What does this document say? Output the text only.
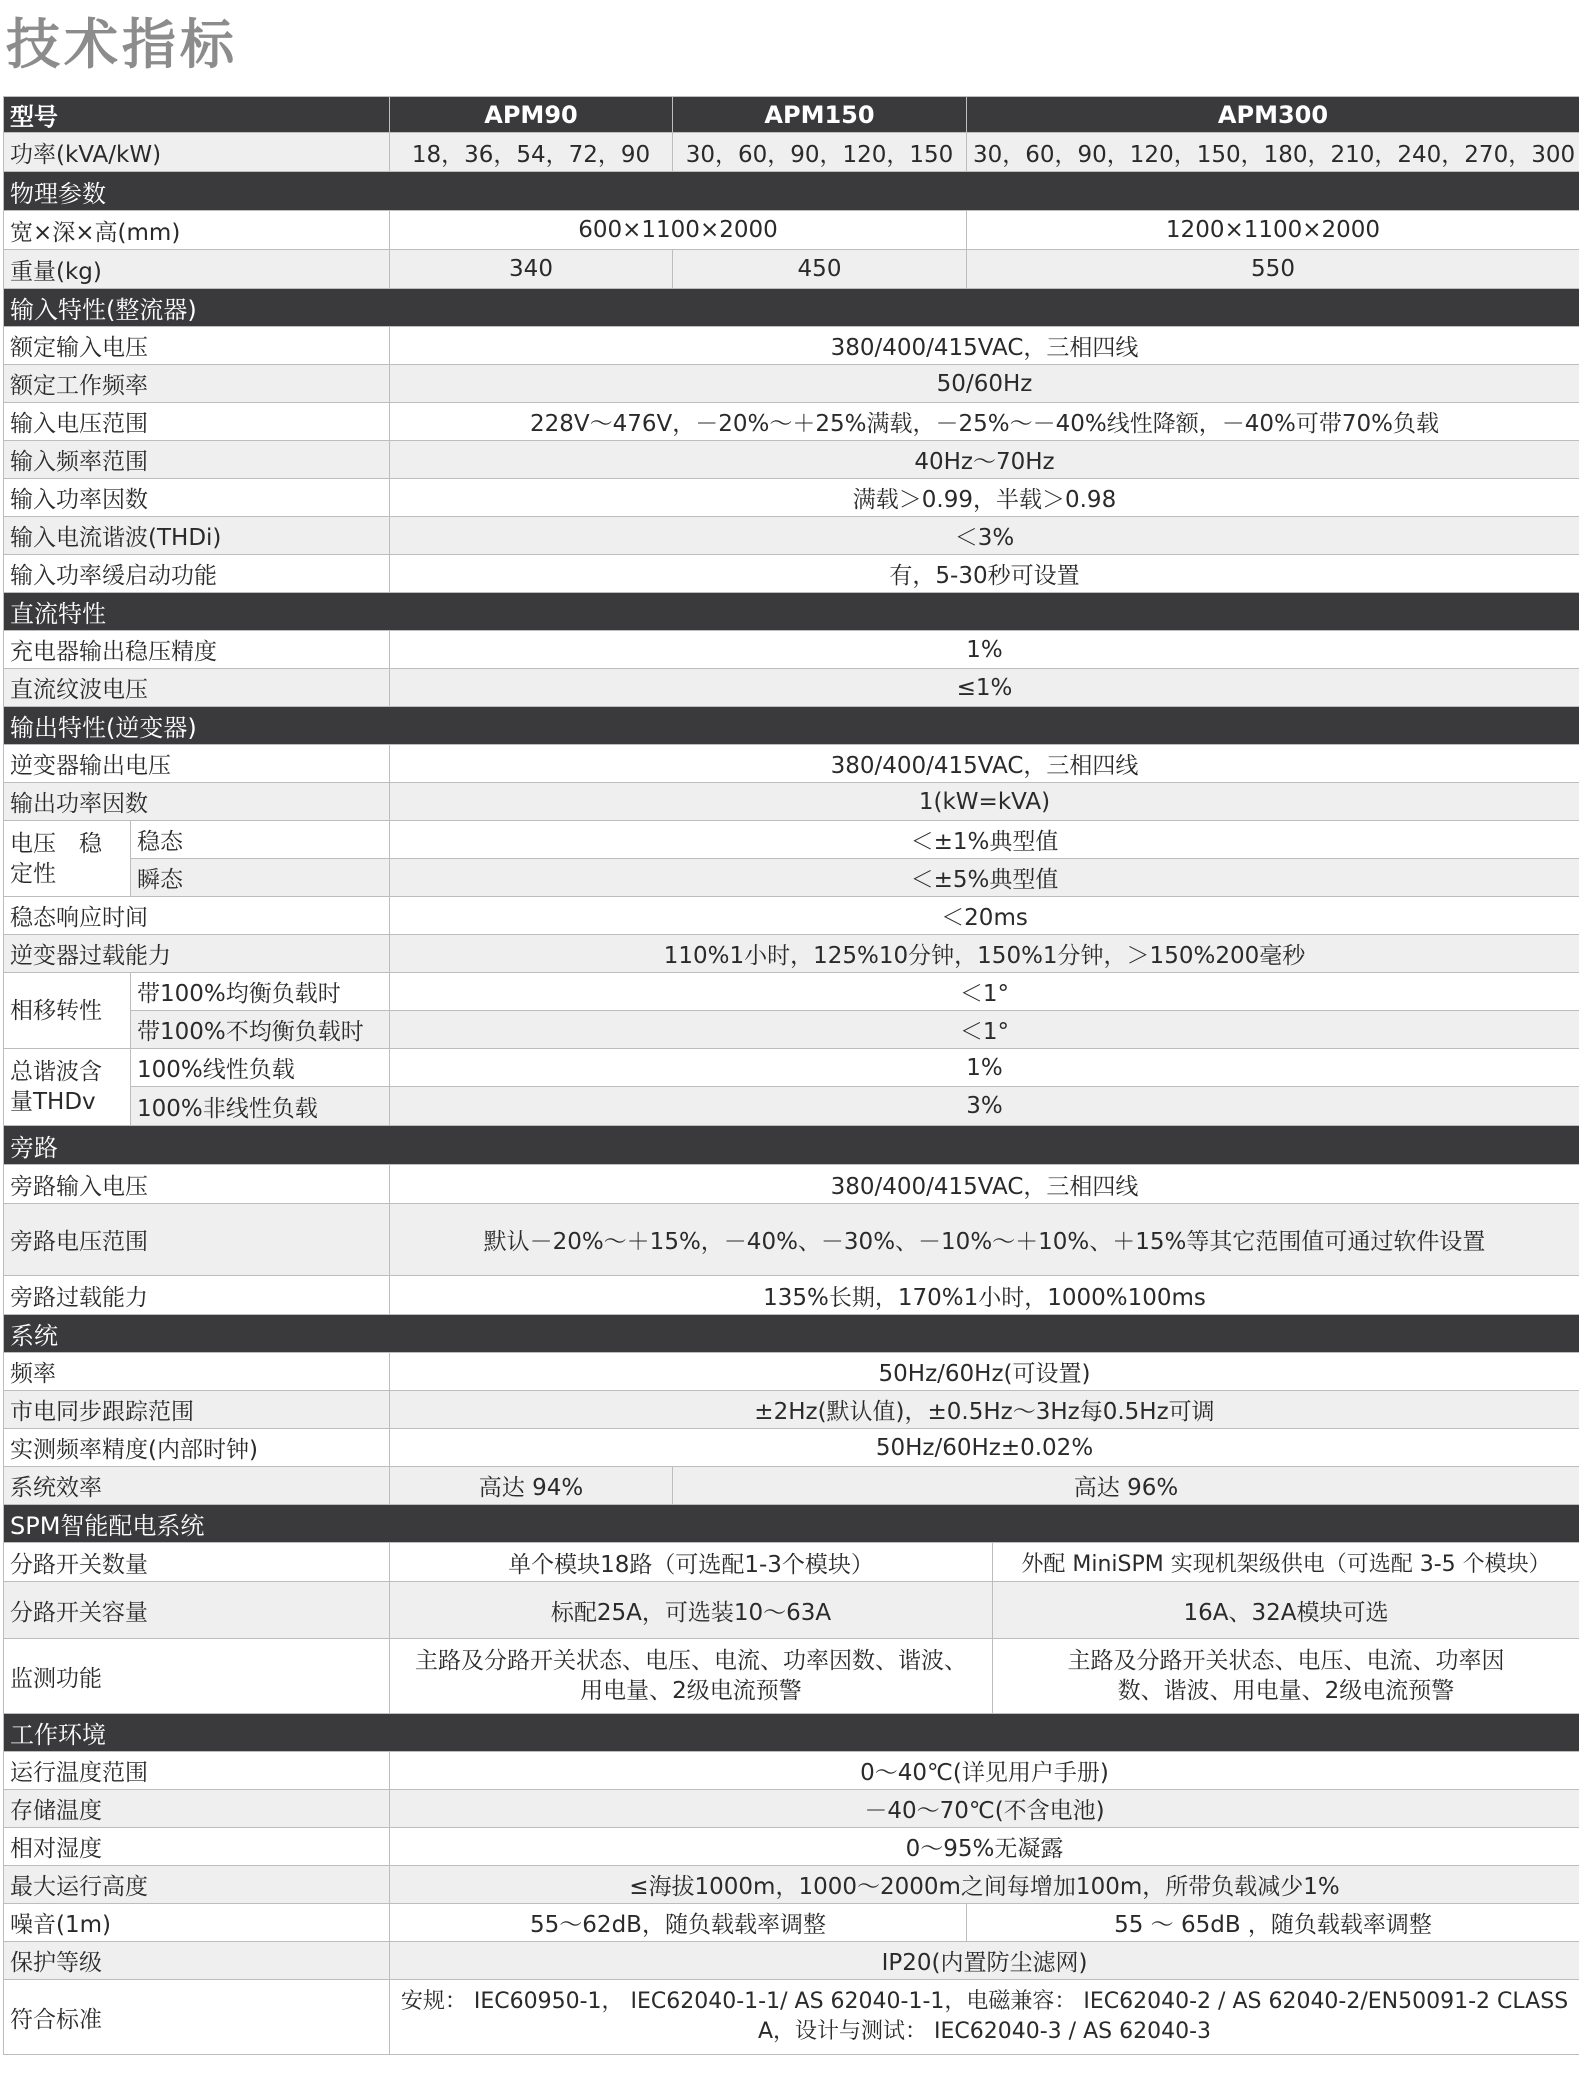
技术指标
型号		APM90	APM150	APM300	
功率(kVA/kW)		18，36，54，72，90	30，60，90，120，150	30，60，90，120，150，180，210，240，270，300	
物理参数					
宽×深×高(mm)		600×1100×2000		1200×1100×2000	
重量(kg)		340	450	550	
输入特性(整流器)					
额定输入电压		380/400/415VAC，三相四线			
额定工作频率		50/60Hz			
输入电压范围		228V～476V，－20%～＋25%满载，－25%～－40%线性降额，－40%可带70%负载			
输入频率范围		40Hz～70Hz			
输入功率因数		满载＞0.99，半载＞0.98			
输入电流谐波(THDi)		＜3%			
输入功率缓启动功能		有，5-30秒可设置			
直流特性					
充电器输出稳压精度		1%			
直流纹波电压		≤1%			
输出特性(逆变器)					
逆变器输出电压		380/400/415VAC，三相四线			
输出功率因数		1(kW=kVA)			
电压　稳定性	稳态	＜±1%典型值			
	瞬态	＜±5%典型值			
稳态响应时间		＜20ms			
逆变器过载能力		110%1小时，125%10分钟，150%1分钟，＞150%200毫秒			
相移转性	带100%均衡负载时	＜1°			
	带100%不均衡负载时	＜1°			
总谐波含量THDv	100%线性负载	1%			
	100%非线性负载	3%			
旁路					
旁路输入电压		380/400/415VAC，三相四线			
旁路电压范围		默认－20%～＋15%，－40%、－30%、－10%～＋10%、＋15%等其它范围值可通过软件设置			
旁路过载能力		135%长期，170%1小时，1000%100ms			
系统					
频率		50Hz/60Hz(可设置)			
市电同步跟踪范围		±2Hz(默认值)，±0.5Hz～3Hz每0.5Hz可调			
实测频率精度(内部时钟)		50Hz/60Hz±0.02%			
系统效率		高达 94%	高达 96%		
SPM智能配电系统					
分路开关数量		单个模块18路（可选配1-3个模块）			外配 MiniSPM 实现机架级供电（可选配 3-5 个模块）
分路开关容量		标配25A，可选装10～63A			16A、32A模块可选
监测功能		主路及分路开关状态、电压、电流、功率因数、谐波、用电量、2级电流预警			主路及分路开关状态、电压、电流、功率因数、谐波、用电量、2级电流预警
工作环境					
运行温度范围		0～40℃(详见用户手册)			
存储温度		－40～70℃(不含电池)			
相对湿度		0～95%无凝露			
最大运行高度		≤海拔1000m，1000～2000m之间每增加100m，所带负载减少1%			
噪音(1m)		55～62dB，随负载载率调整		55 ～ 65dB ，随负载载率调整	
保护等级		IP20(内置防尘滤网)			
符合标准		安规： IEC60950-1， IEC62040-1-1/ AS 62040-1-1，电磁兼容： IEC62040-2 / AS 62040-2/EN50091-2 CLASS A，设计与测试： IEC62040-3 / AS 62040-3			
